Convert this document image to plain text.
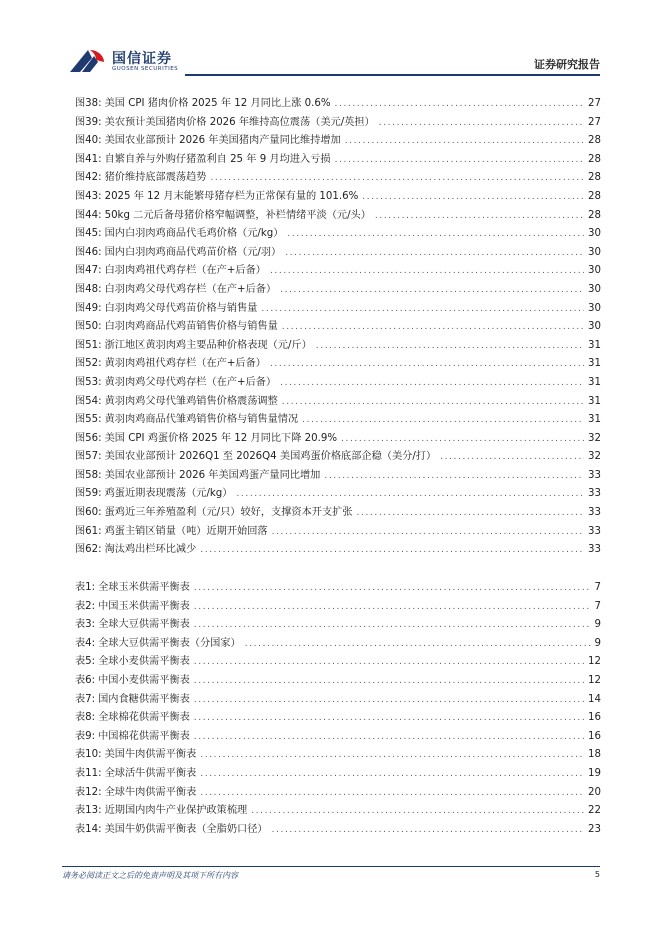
国信证券
GUOSEN SECURITIES	证券研究报告
图38: 美国 CPI 猪肉价格 2025 年 12 月同比上涨 0.6% .....	27
图39: 美农预计美国猪肉价格 2026 年维持高位震荡（美元/英担） .....	27
图40: 美国农业部预计 2026 年美国猪肉产量同比维持增加 .....	28
图41: 自繁自养与外购仔猪盈利自 25 年 9 月均进入亏损 .....	28
图42: 猪价维持底部震荡趋势 .....	28
图43: 2025 年 12 月末能繁母猪存栏为正常保有量的 101.6% .....	28
图44: 50kg 二元后备母猪价格窄幅调整，补栏情绪平淡（元/头） .....	28
图45: 国内白羽肉鸡商品代毛鸡价格（元/kg） .....	30
图46: 国内白羽肉鸡商品代鸡苗价格（元/羽） .....	30
图47: 白羽肉鸡祖代鸡存栏（在产+后备） .....	30
图48: 白羽肉鸡父母代鸡存栏（在产+后备） .....	30
图49: 白羽肉鸡父母代鸡苗价格与销售量 .....	30
图50: 白羽肉鸡商品代鸡苗销售价格与销售量 .....	30
图51: 浙江地区黄羽肉鸡主要品种价格表现（元/斤） .....	31
图52: 黄羽肉鸡祖代鸡存栏（在产+后备） .....	31
图53: 黄羽肉鸡父母代鸡存栏（在产+后备） .....	31
图54: 黄羽肉鸡父母代雏鸡销售价格震荡调整 .....	31
图55: 黄羽肉鸡商品代雏鸡销售价格与销售量情况 .....	31
图56: 美国 CPI 鸡蛋价格 2025 年 12 月同比下降 20.9% .....	32
图57: 美国农业部预计 2026Q1 至 2026Q4 美国鸡蛋价格底部企稳（美分/打） .....	32
图58: 美国农业部预计 2026 年美国鸡蛋产量同比增加 .....	33
图59: 鸡蛋近期表现震荡（元/kg） .....	33
图60: 蛋鸡近三年养殖盈利（元/只）较好，支撑资本开支扩张 .....	33
图61: 鸡蛋主销区销量（吨）近期开始回落 .....	33
图62: 淘汰鸡出栏环比减少 .....	33
表1: 全球玉米供需平衡表 .....	7
表2: 中国玉米供需平衡表 .....	7
表3: 全球大豆供需平衡表 .....	9
表4: 全球大豆供需平衡表（分国家） .....	9
表5: 全球小麦供需平衡表 .....	12
表6: 中国小麦供需平衡表 .....	12
表7: 国内食糖供需平衡表 .....	14
表8: 全球棉花供需平衡表 .....	16
表9: 中国棉花供需平衡表 .....	16
表10: 美国牛肉供需平衡表 .....	18
表11: 全球活牛供需平衡表 .....	19
表12: 全球牛肉供需平衡表 .....	20
表13: 近期国内肉牛产业保护政策梳理 .....	22
表14: 美国牛奶供需平衡表（全脂奶口径） .....	23
请务必阅读正文之后的免责声明及其项下所有内容	5
